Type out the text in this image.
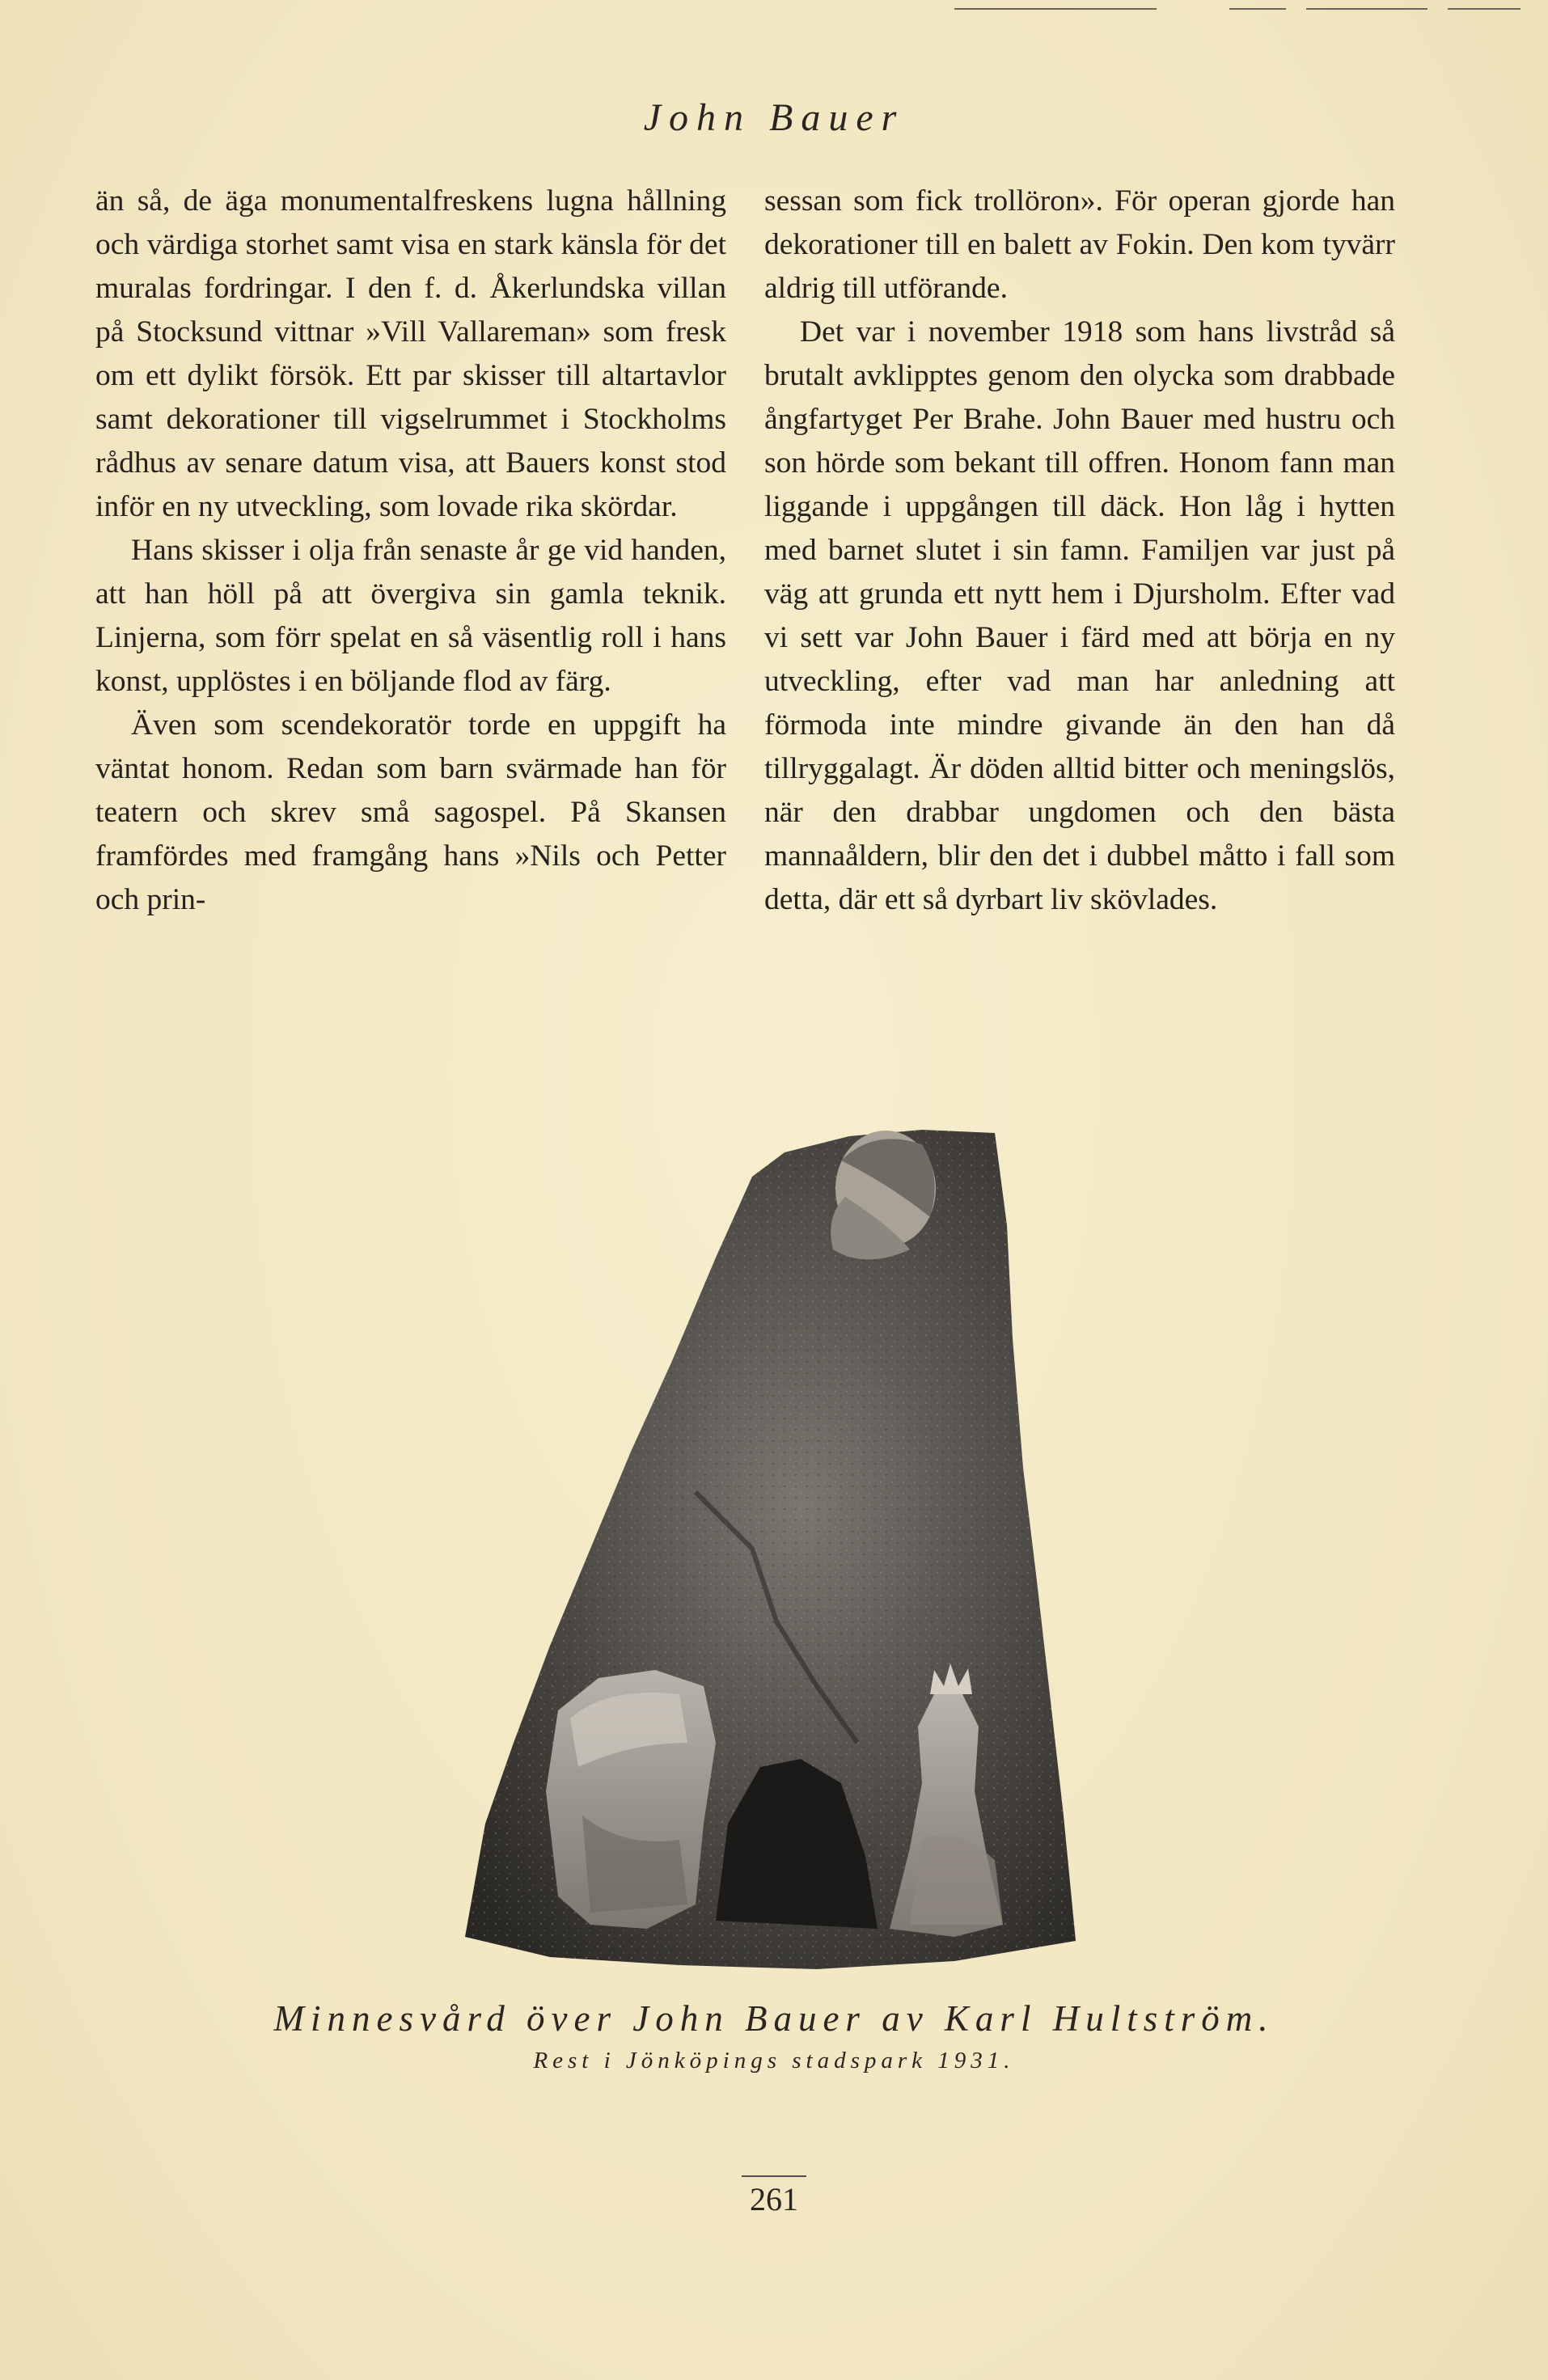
John Bauer

än så, de äga monumentalfreskens lugna hållning och värdiga storhet samt visa en stark känsla för det muralas fordringar. I den f. d. Åkerlundska villan på Stocksund vittnar »Vill Vallareman» som fresk om ett dylikt försök. Ett par skisser till altartavlor samt dekorationer till vigselrummet i Stockholms rådhus av senare datum visa, att Bauers konst stod inför en ny utveckling, som lovade rika skördar.

Hans skisser i olja från senaste år ge vid handen, att han höll på att övergiva sin gamla teknik. Linjerna, som förr spelat en så väsentlig roll i hans konst, upplöstes i en böljande flod av färg.

Även som scendekoratör torde en uppgift ha väntat honom. Redan som barn svärmade han för teatern och skrev små sagospel. På Skansen framfördes med framgång hans »Nils och Petter och prin-

sessan som fick trollöron». För operan gjorde han dekorationer till en balett av Fokin. Den kom tyvärr aldrig till utförande.

Det var i november 1918 som hans livstråd så brutalt avklipptes genom den olycka som drabbade ångfartyget Per Brahe. John Bauer med hustru och son hörde som bekant till offren. Honom fann man liggande i uppgången till däck. Hon låg i hytten med barnet slutet i sin famn. Familjen var just på väg att grunda ett nytt hem i Djursholm. Efter vad vi sett var John Bauer i färd med att börja en ny utveckling, efter vad man har anledning att förmoda inte mindre givande än den han då tillryggalagt. Är döden alltid bitter och meningslös, när den drabbar ungdomen och den bästa mannaåldern, blir den det i dubbel måtto i fall som detta, där ett så dyrbart liv skövlades.

Minnesvård över John Bauer av Karl Hultström.
Rest i Jönköpings stadspark 1931.
261
